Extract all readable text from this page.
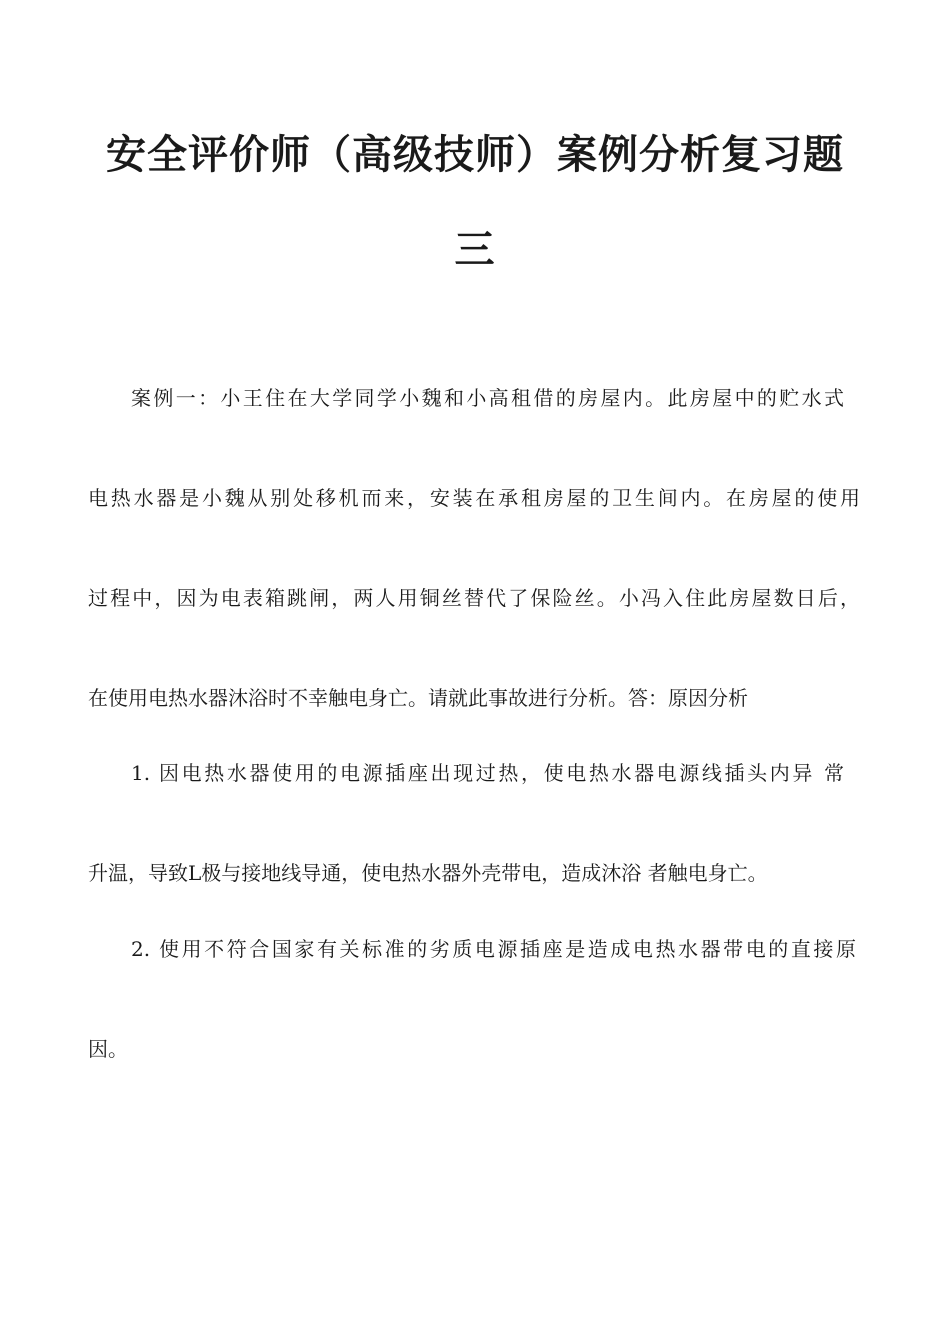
安全评价师（高级技师）案例分析复习题
三
案例一：小王住在大学同学小魏和小高租借的房屋内。此房屋中的贮水式
电热水器是小魏从别处移机而来，安装在承租房屋的卫生间内。在房屋的使用
过程中，因为电表箱跳闸，两人用铜丝替代了保险丝。小冯入住此房屋数日后，
在使用电热水器沐浴时不幸触电身亡。请就此事故进行分析。答：原因分析
1. 因电热水器使用的电源插座出现过热，使电热水器电源线插头内异 常
升温，导致L极与接地线导通，使电热水器外壳带电，造成沐浴 者触电身亡。
2. 使用不符合国家有关标准的劣质电源插座是造成电热水器带电的直接原
因。
